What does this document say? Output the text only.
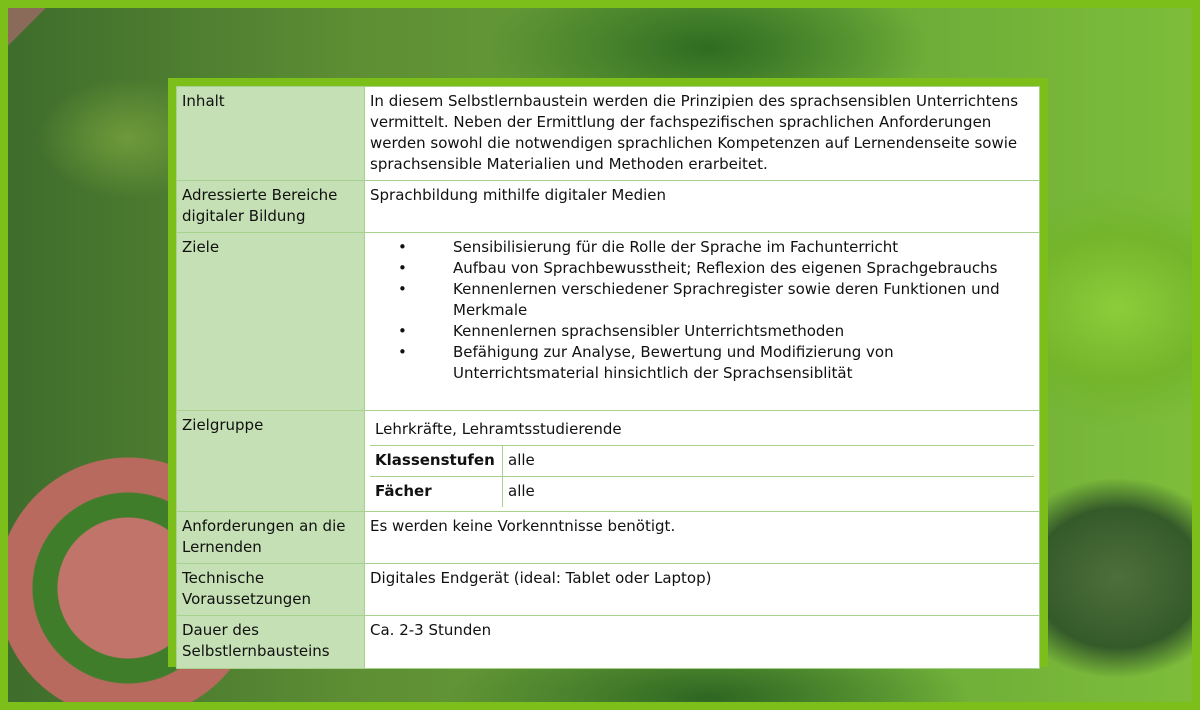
Inhalt	In diesem Selbstlernbaustein werden die Prinzipien des sprachsensiblen Unterrichtens vermittelt. Neben der Ermittlung der fachspezifischen sprachlichen Anforderungen werden sowohl die notwendigen sprachlichen Kompetenzen auf Lernendenseite sowie sprachsensible Materialien und Methoden erarbeitet.
Adressierte Bereiche digitaler Bildung	Sprachbildung mithilfe digitaler Medien
Ziele	•	Sensibilisierung für die Rolle der Sprache im Fachunterricht
•	Aufbau von Sprachbewusstheit; Reflexion des eigenen Sprachgebrauchs
•	Kennenlernen verschiedener Sprachregister sowie deren Funktionen und Merkmale
•	Kennenlernen sprachsensibler Unterrichtsmethoden
•	Befähigung zur Analyse, Bewertung und Modifizierung von Unterrichtsmaterial hinsichtlich der Sprachsensiblität

Zielgruppe	Lehrkräfte, Lehramtsstudierende
Klassenstufen	alle
Fächer	alle

Anforderungen an die Lernenden	Es werden keine Vorkenntnisse benötigt.
Technische Voraussetzungen	Digitales Endgerät (ideal: Tablet oder Laptop)
Dauer des Selbstlernbausteins	Ca. 2-3 Stunden
